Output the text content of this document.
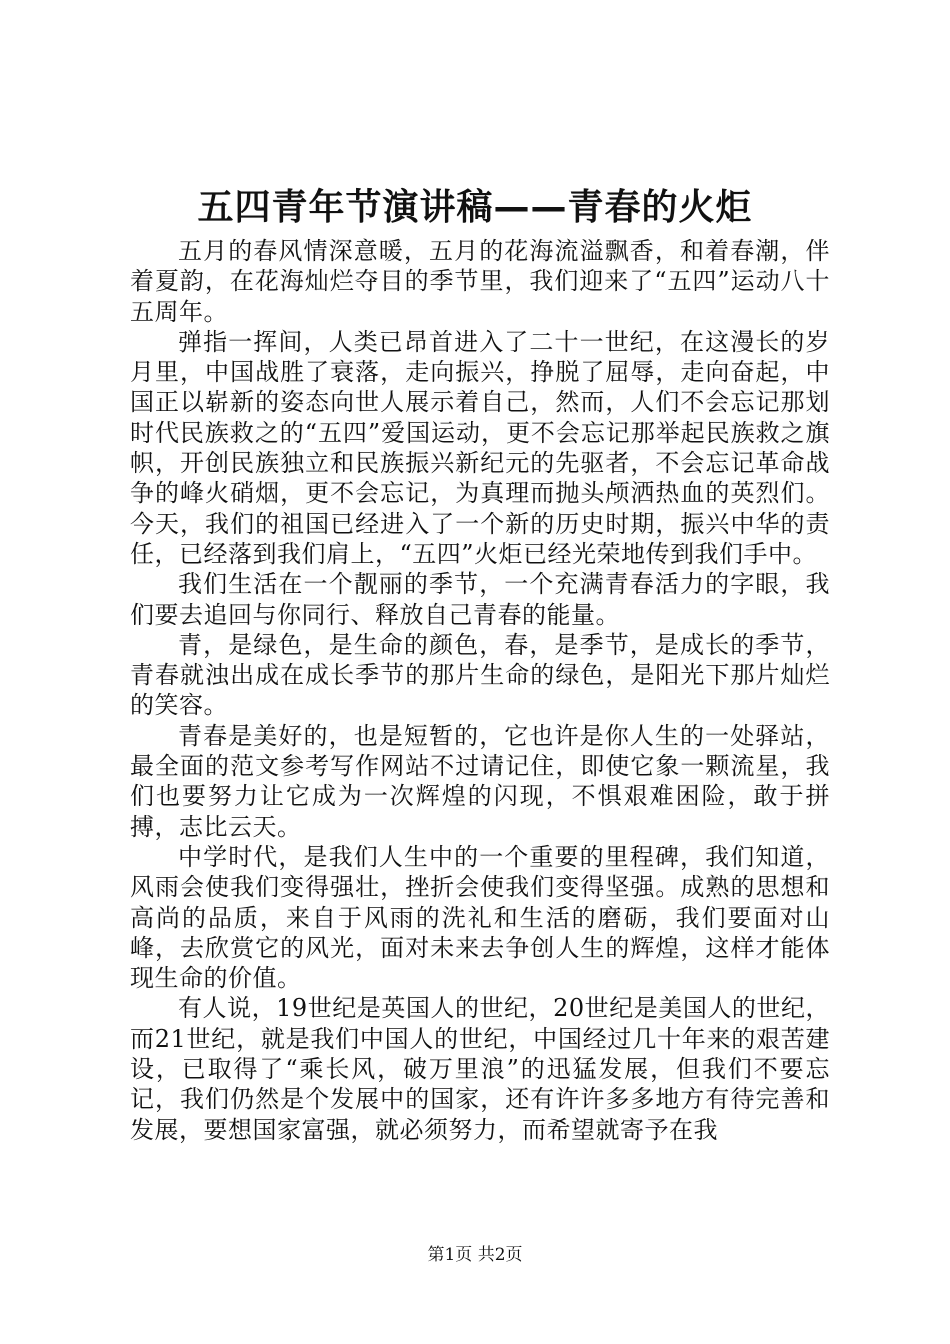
五四青年节演讲稿——青春的火炬

五月的春风情深意暖，五月的花海流溢飘香，和着春潮，伴着夏韵，在花海灿烂夺目的季节里，我们迎来了“五四”运动八十五周年。

弹指一挥间，人类已昂首进入了二十一世纪，在这漫长的岁月里，中国战胜了衰落，走向振兴，挣脱了屈辱，走向奋起，中国正以崭新的姿态向世人展示着自己，然而，人们不会忘记那划时代民族救之的“五四”爱国运动，更不会忘记那举起民族救之旗帜，开创民族独立和民族振兴新纪元的先驱者，不会忘记革命战争的峰火硝烟，更不会忘记，为真理而抛头颅洒热血的英烈们。今天，我们的祖国已经进入了一个新的历史时期，振兴中华的责任，已经落到我们肩上，“五四”火炬已经光荣地传到我们手中。

我们生活在一个靓丽的季节，一个充满青春活力的字眼，我们要去追回与你同行、释放自己青春的能量。

青，是绿色，是生命的颜色，春，是季节，是成长的季节，青春就浊出成在成长季节的那片生命的绿色，是阳光下那片灿烂的笑容。

青春是美好的，也是短暂的，它也许是你人生的一处驿站，最全面的范文参考写作网站不过请记住，即使它象一颗流星，我们也要努力让它成为一次辉煌的闪现，不惧艰难困险，敢于拼搏，志比云天。

中学时代，是我们人生中的一个重要的里程碑，我们知道，风雨会使我们变得强壮，挫折会使我们变得坚强。成熟的思想和高尚的品质，来自于风雨的洗礼和生活的磨砺，我们要面对山峰，去欣赏它的风光，面对未来去争创人生的辉煌，这样才能体现生命的价值。

有人说，19世纪是英国人的世纪，20世纪是美国人的世纪，而21世纪，就是我们中国人的世纪，中国经过几十年来的艰苦建设，已取得了“乘长风，破万里浪”的迅猛发展，但我们不要忘记，我们仍然是个发展中的国家，还有许许多多地方有待完善和发展，要想国家富强，就必须努力，而希望就寄予在我

第1页 共2页
